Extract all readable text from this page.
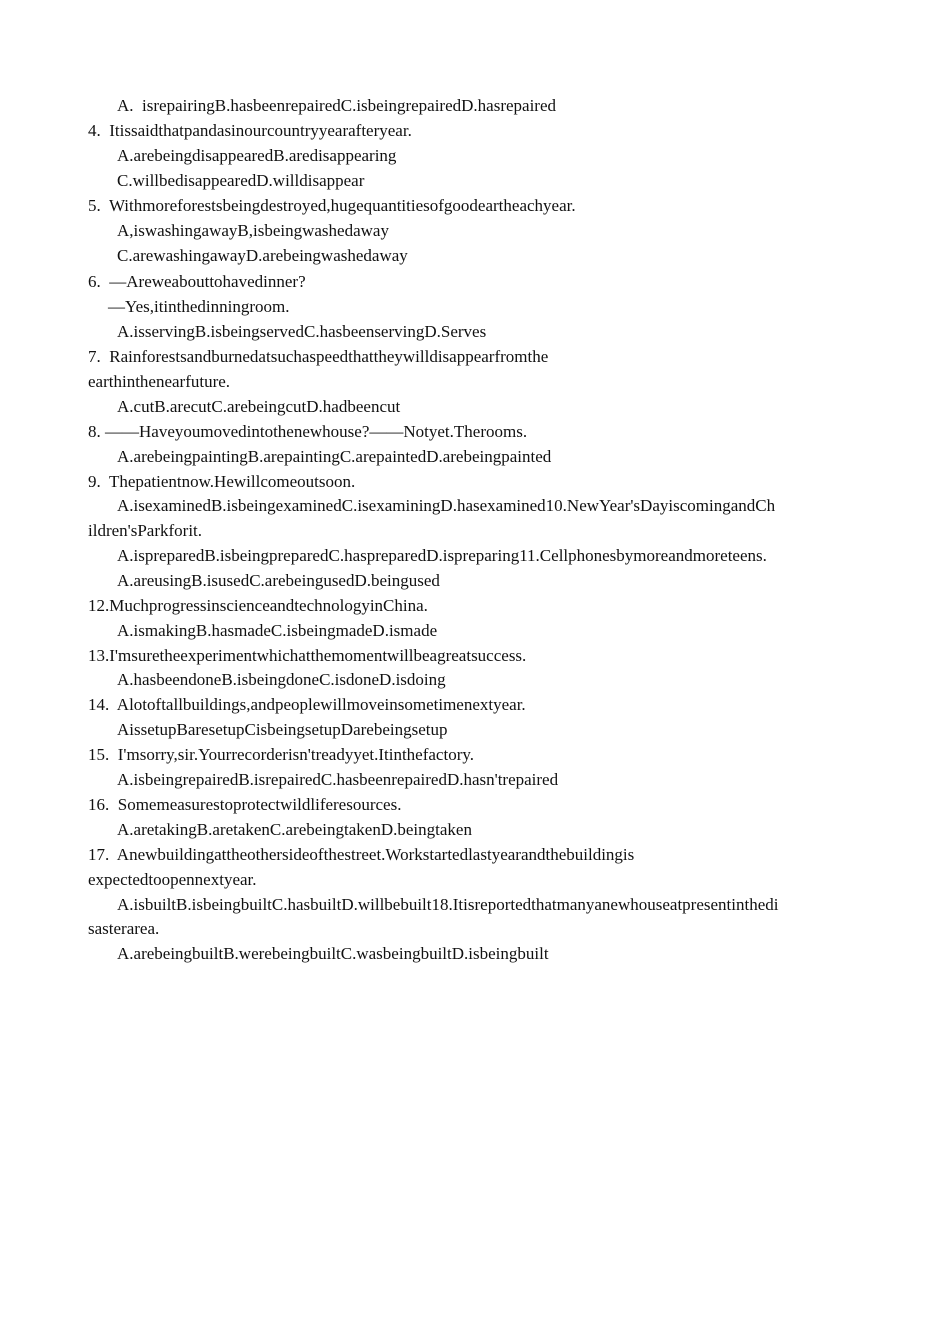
A.  isrepairingB.hasbeenrepairedC.isbeingrepairedD.hasrepaired
4.  Itissaidthatpandasinourcountryyearafteryear.
A.arebeingdisappearedB.aredisappearing
C.willbedisappearedD.willdisappear
5.  Withmoreforestsbeingdestroyed,hugequantitiesofgoodeartheachyear.
A,iswashingawayB,isbeingwashedaway
C.arewashingawayD.arebeingwashedaway
6.  —Areweabouttohavedinner?
—Yes,itinthedinningroom.
A.isservingB.isbeingservedC.hasbeenservingD.Serves
7.  Rainforestsandburnedatsuchaspeedthattheywilldisappearfromthe
earthinthenearfuture.
A.cutB.arecutC.arebeingcutD.hadbeencut
8. ——Haveyoumovedintothenewhouse?——Notyet.Therooms.
A.arebeingpaintingB.arepaintingC.arepaintedD.arebeingpainted
9.  Thepatientnow.Hewillcomeoutsoon.
A.isexaminedB.isbeingexaminedC.isexaminingD.hasexamined10.NewYear'sDayiscomingandCh
ildren'sParkforit.
A.ispreparedB.isbeingpreparedC.haspreparedD.ispreparing11.Cellphonesbymoreandmoreteens.
A.areusingB.isusedC.arebeingusedD.beingused
12.MuchprogressinscienceandtechnologyinChina.
A.ismakingB.hasmadeC.isbeingmadeD.ismade
13.I'msuretheexperimentwhichatthemomentwillbeagreatsuccess.
A.hasbeendoneB.isbeingdoneC.isdoneD.isdoing
14.  Alotoftallbuildings,andpeoplewillmoveinsometimenextyear.
AissetupBaresetupCisbeingsetupDarebeingsetup
15.  I'msorry,sir.Yourrecorderisn'treadyyet.Itinthefactory.
A.isbeingrepairedB.isrepairedC.hasbeenrepairedD.hasn'trepaired
16.  Somemeasurestoprotectwildliferesources.
A.aretakingB.aretakenC.arebeingtakenD.beingtaken
17.  Anewbuildingattheothersideofthestreet.Workstartedlastyearandthebuildingis
expectedtoopennextyear.
A.isbuiltB.isbeingbuiltC.hasbuiltD.willbebuilt18.Itisreportedthatmanyanewhouseatpresentinthedi
sasterarea.
A.arebeingbuiltB.werebeingbuiltC.wasbeingbuiltD.isbeingbuilt
